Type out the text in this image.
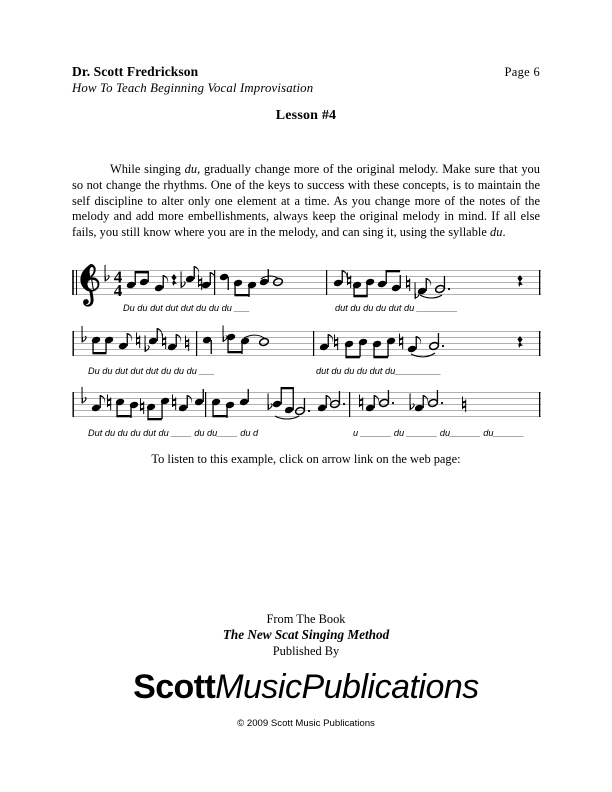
Dr. Scott Fredrickson	Page 6
How To Teach Beginning Vocal Improvisation
Lesson #4

While singing du, gradually change more of the original melody. Make sure that you so not change the rhythms. One of the keys to success with these concepts, is to maintain the self discipline to alter only one element at a time. As you change more of the notes of the melody and add more embellishments, always keep the original melody in mind. If all else fails, you still know where you are in the melody, and can sing it, using the syllable du.

4
4
Du du dut dut dut du du du ___	dut du du du dut du ________
Du du dut dut dut du du du ___	dut du du du dut du_________
Dut du du du dut du ____ du du____ du d	u ______ du ______ du______ du______
To listen to this example, click on arrow link on the web page:
From The Book
The New Scat Singing Method
Published By
ScottMusicPublications
© 2009 Scott Music Publications
